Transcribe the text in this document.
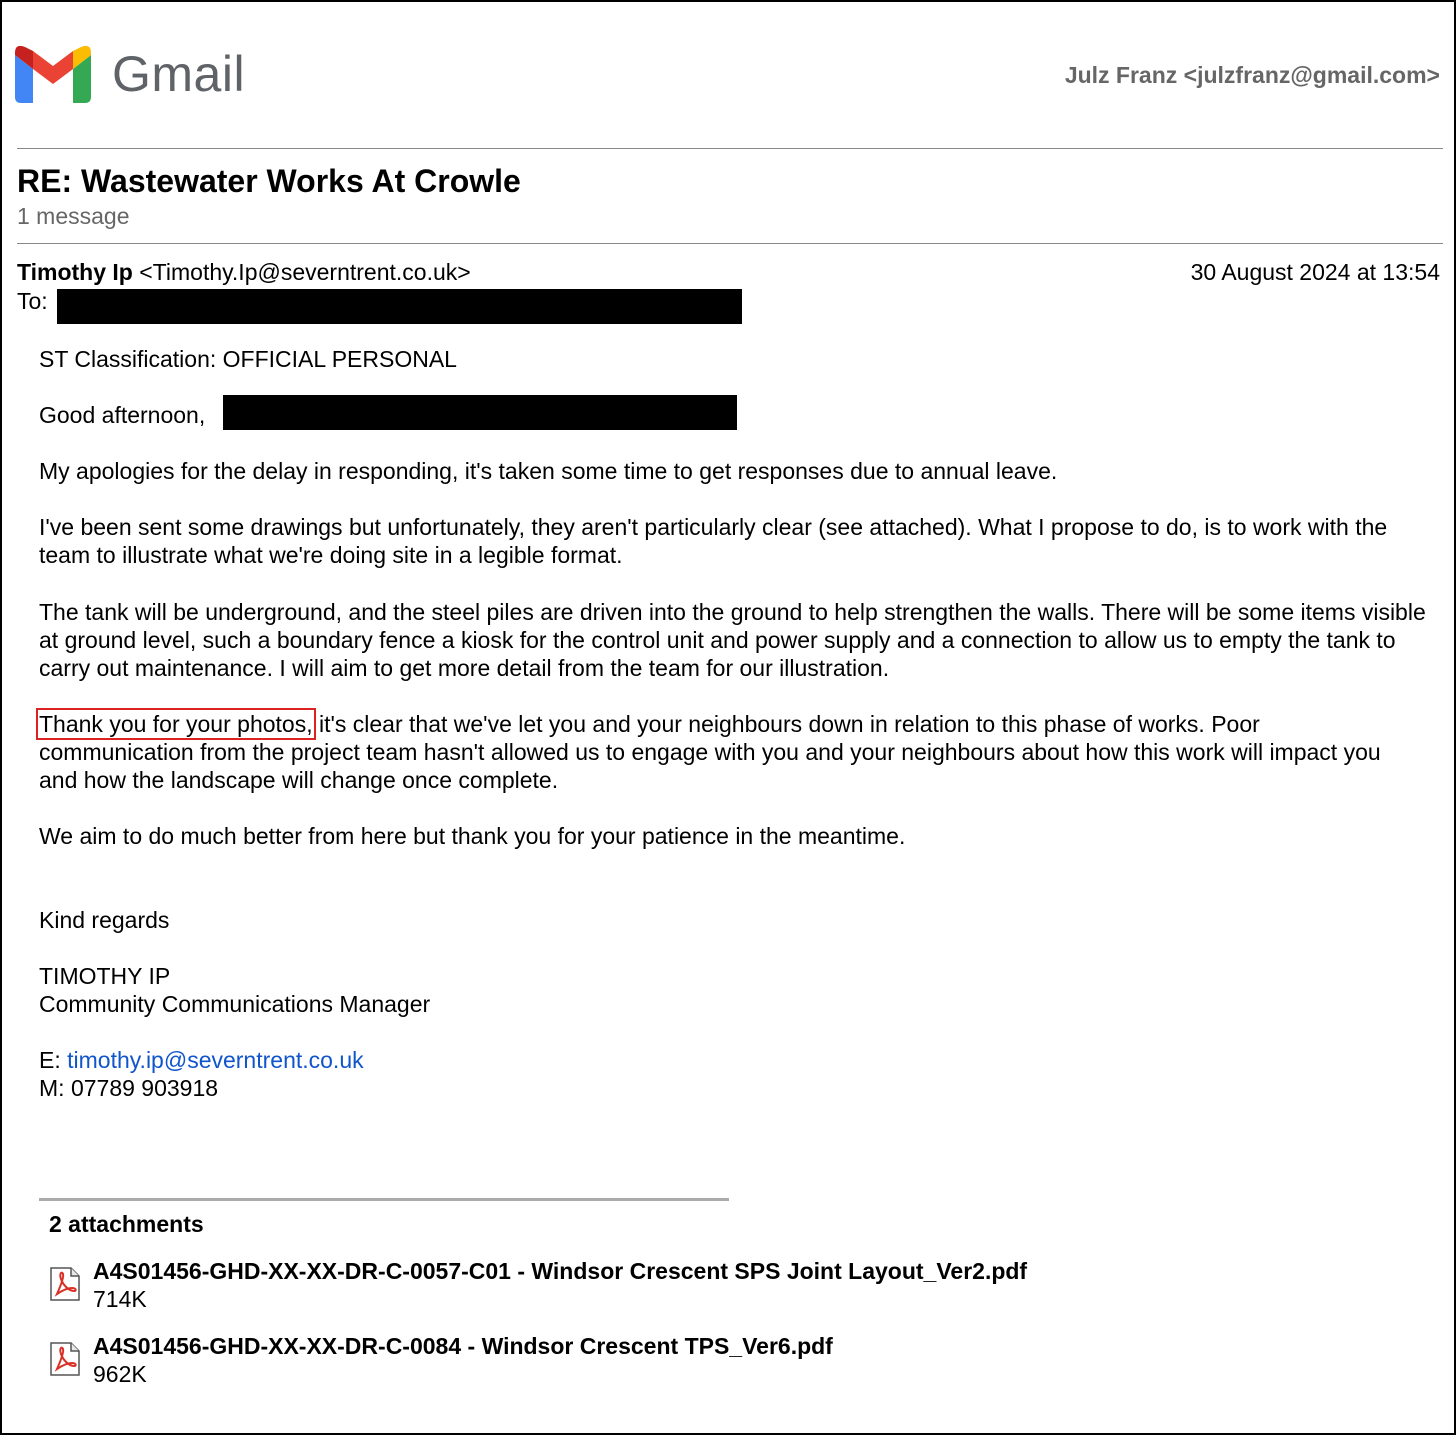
Gmail	Julz Franz <julzfranz@gmail.com>
RE: Wastewater Works At Crowle
1 message
Timothy Ip <Timothy.Ip@severntrent.co.uk>	30 August 2024 at 13:54
To:
ST Classification: OFFICIAL PERSONAL
Good afternoon,
My apologies for the delay in responding, it's taken some time to get responses due to annual leave.
I've been sent some drawings but unfortunately, they aren't particularly clear (see attached). What I propose to do, is to work with the team to illustrate what we're doing site in a legible format.
The tank will be underground, and the steel piles are driven into the ground to help strengthen the walls. There will be some items visible at ground level, such a boundary fence a kiosk for the control unit and power supply and a connection to allow us to empty the tank to carry out maintenance. I will aim to get more detail from the team for our illustration.
Thank you for your photos, it's clear that we've let you and your neighbours down in relation to this phase of works. Poor communication from the project team hasn't allowed us to engage with you and your neighbours about how this work will impact you and how the landscape will change once complete.
We aim to do much better from here but thank you for your patience in the meantime.
Kind regards
TIMOTHY IP
Community Communications Manager
E: timothy.ip@severntrent.co.uk
M: 07789 903918
2 attachments
A4S01456-GHD-XX-XX-DR-C-0057-C01 - Windsor Crescent SPS Joint Layout_Ver2.pdf
714K
A4S01456-GHD-XX-XX-DR-C-0084 - Windsor Crescent TPS_Ver6.pdf
962K
